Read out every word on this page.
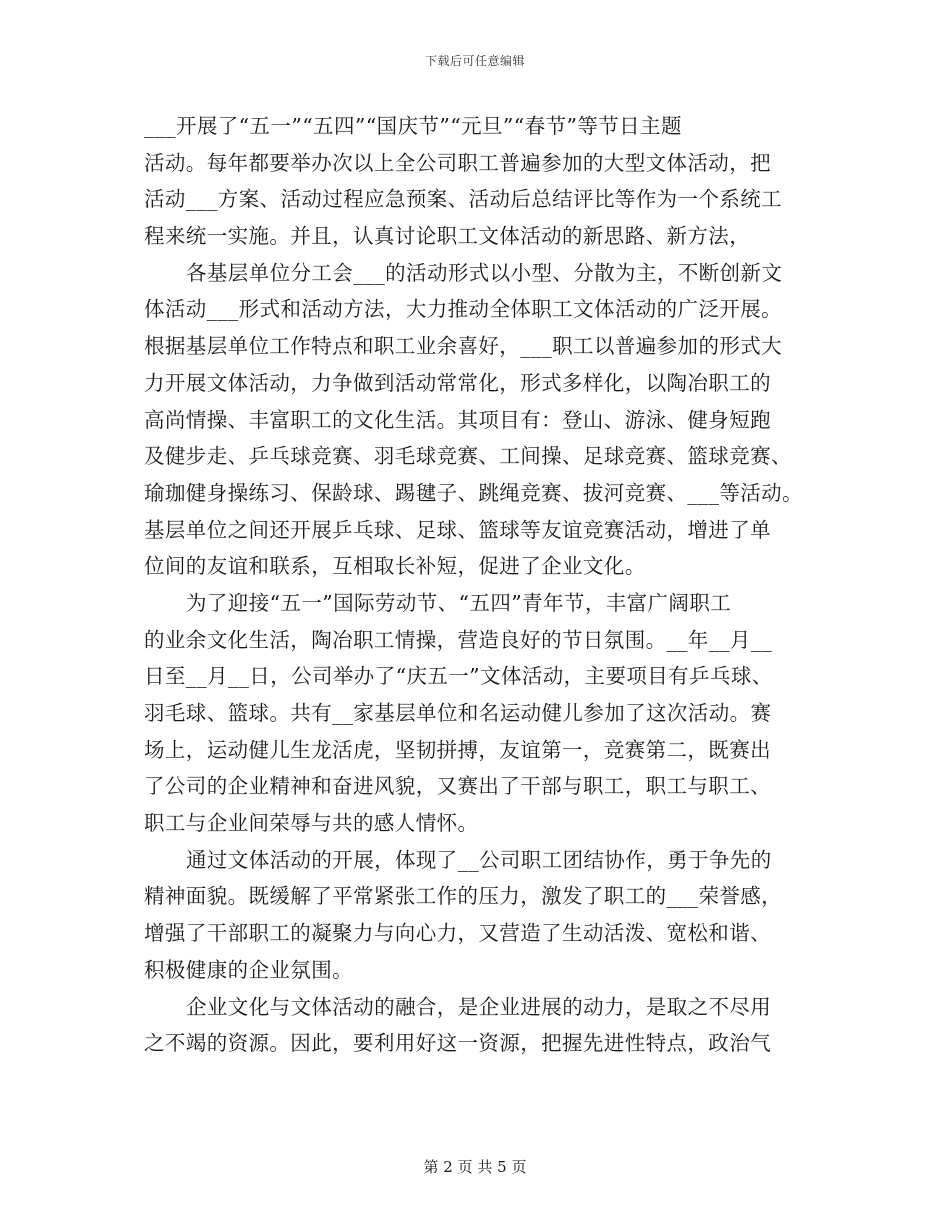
下载后可任意编辑
___开展了“五一”“五四”“国庆节”“元旦”“春节”等节日主题
活动。每年都要举办次以上全公司职工普遍参加的大型文体活动，把
活动___方案、活动过程应急预案、活动后总结评比等作为一个系统工
程来统一实施。并且，认真讨论职工文体活动的新思路、新方法，
各基层单位分工会___的活动形式以小型、分散为主，不断创新文
体活动___形式和活动方法，大力推动全体职工文体活动的广泛开展。
根据基层单位工作特点和职工业余喜好，___职工以普遍参加的形式大
力开展文体活动，力争做到活动常常化，形式多样化，以陶冶职工的
高尚情操、丰富职工的文化生活。其项目有：登山、游泳、健身短跑
及健步走、乒乓球竞赛、羽毛球竞赛、工间操、足球竞赛、篮球竞赛、
瑜珈健身操练习、保龄球、踢毽子、跳绳竞赛、拔河竞赛、___等活动。
基层单位之间还开展乒乓球、足球、篮球等友谊竞赛活动，增进了单
位间的友谊和联系，互相取长补短，促进了企业文化。
为了迎接“五一”国际劳动节、“五四”青年节，丰富广阔职工
的业余文化生活，陶冶职工情操，营造良好的节日氛围。__年__月__
日至__月__日，公司举办了“庆五一”文体活动，主要项目有乒乓球、
羽毛球、篮球。共有__家基层单位和名运动健儿参加了这次活动。赛
场上，运动健儿生龙活虎，坚韧拼搏，友谊第一，竞赛第二，既赛出
了公司的企业精神和奋进风貌，又赛出了干部与职工，职工与职工、
职工与企业间荣辱与共的感人情怀。
通过文体活动的开展，体现了__公司职工团结协作，勇于争先的
精神面貌。既缓解了平常紧张工作的压力，激发了职工的___荣誉感，
增强了干部职工的凝聚力与向心力，又营造了生动活泼、宽松和谐、
积极健康的企业氛围。
企业文化与文体活动的融合，是企业进展的动力，是取之不尽用
之不竭的资源。因此，要利用好这一资源，把握先进性特点，政治气
第 2 页 共 5 页
